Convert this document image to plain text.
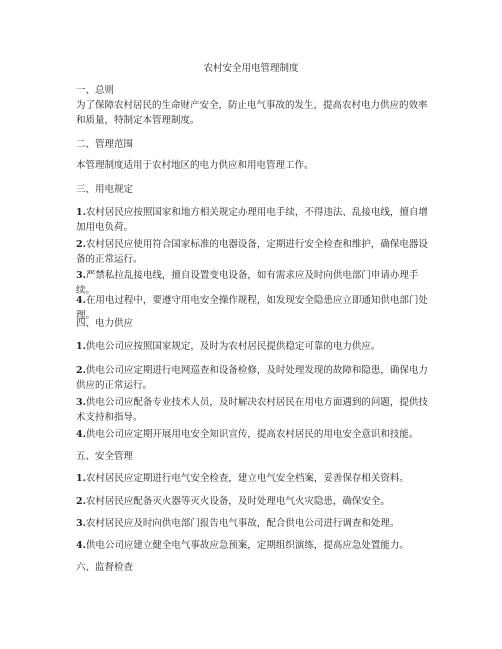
农村安全用电管理制度
一、总则
为了保障农村居民的生命财产安全，防止电气事故的发生，提高农村电力供应的效率和质量，特制定本管理制度。
二、管理范围
本管理制度适用于农村地区的电力供应和用电管理工作。
三、用电规定
1.农村居民应按照国家和地方相关规定办理用电手续，不得违法、乱接电线，擅自增加用电负荷。
2.农村居民应使用符合国家标准的电器设备，定期进行安全检查和维护，确保电器设备的正常运行。
3.严禁私拉乱接电线，擅自设置变电设备，如有需求应及时向供电部门申请办理手续。
4.在用电过程中，要遵守用电安全操作规程，如发现安全隐患应立即通知供电部门处理。
四、电力供应
1.供电公司应按照国家规定，及时为农村居民提供稳定可靠的电力供应。
2.供电公司应定期进行电网巡查和设备检修，及时处理发现的故障和隐患，确保电力供应的正常运行。
3.供电公司应配备专业技术人员，及时解决农村居民在用电方面遇到的问题，提供技术支持和指导。
4.供电公司应定期开展用电安全知识宣传，提高农村居民的用电安全意识和技能。
五、安全管理
1.农村居民应定期进行电气安全检查，建立电气安全档案，妥善保存相关资料。
2.农村居民应配备灭火器等灭火设备，及时处理电气火灾隐患，确保安全。
3.农村居民应及时向供电部门报告电气事故，配合供电公司进行调查和处理。
4.供电公司应建立健全电气事故应急预案，定期组织演练，提高应急处置能力。
六、监督检查
